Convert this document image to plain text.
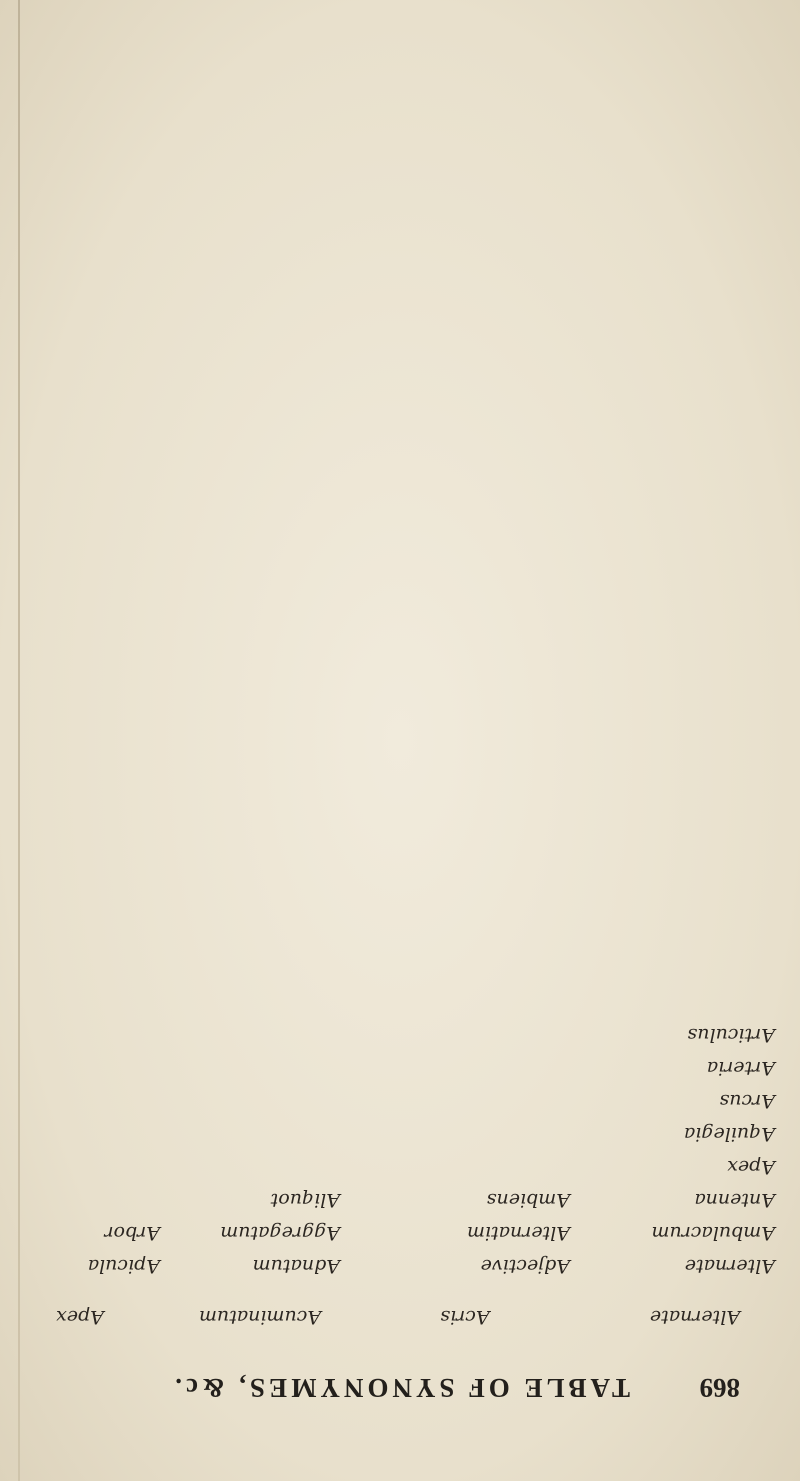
869
TABLE OF SYNONYMES, &c.
Alternate
Alternate
Ambulacrum
Antenna
Apex
Aquilegia
Arcus
Arteria
Articulus
Acris
Adjective
Alternatim
Ambiens
Acuminatum
Adnatum
Aggregatum
Aliquot
Apex
Apicula
Arbor
